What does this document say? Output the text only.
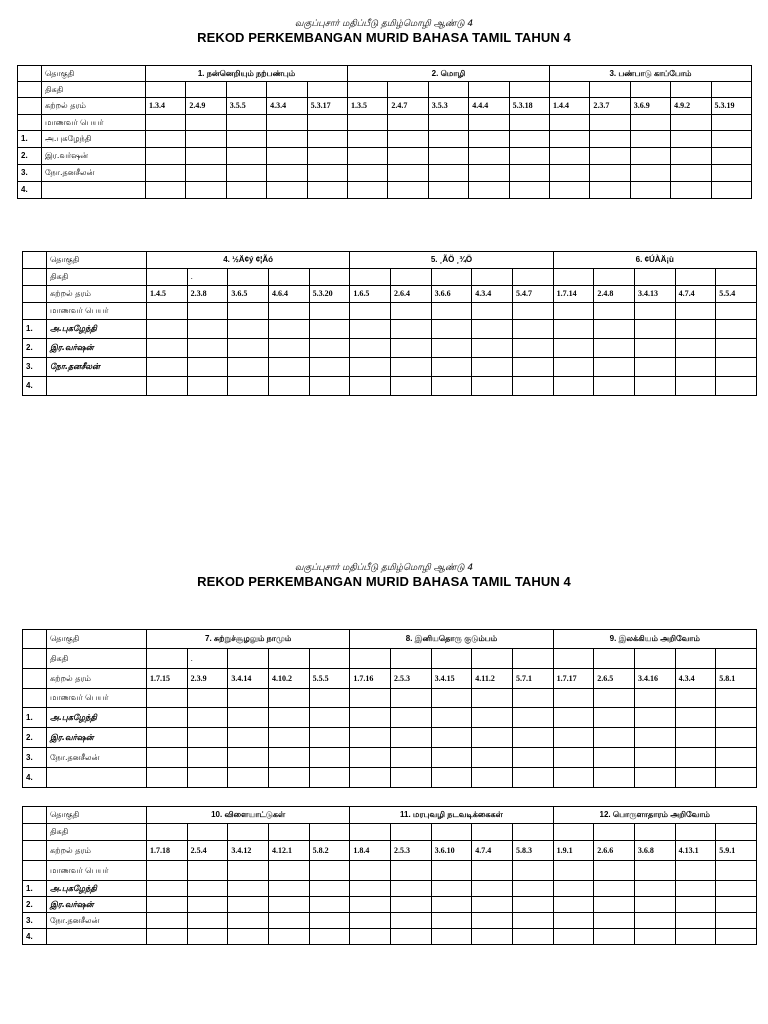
வகுப்புசார் மதிப்பீடு தமிழ்மொழி ஆண்டு 4
REKOD PERKEMBANGAN MURID BAHASA TAMIL TAHUN 4
வகுப்புசார் மதிப்பீடு தமிழ்மொழி ஆண்டு 4
REKOD PERKEMBANGAN MURID BAHASA TAMIL TAHUN 4
	தொகுதி	1. நன்னெறியும் நற்பண்பும்					2. மொழி					3. பண்பாடு காப்போம்				
	திகதி															
	கற்றல் தரம்	1.3.4	2.4.9	3.5.5	4.3.4	5.3.17	1.3.5	2.4.7	3.5.3	4.4.4	5.3.18	1.4.4	2.3.7	3.6.9	4.9.2	5.3.19
	மாணவர் பெயர்															
1.	அ.புகழேந்தி															
2.	இர.வர்ஷன்															
3.	நோ.தனசீலன்															
4.																
	தொகுதி	4. ½Ä¢ý ¢¦Ãó					5. ¸ÃÖ ¸¾Ö					6. ¢ÚÀÄ¡ù				
	திகதி		.													
	கற்றல் தரம்	1.4.5	2.3.8	3.6.5	4.6.4	5.3.20	1.6.5	2.6.4	3.6.6	4.3.4	5.4.7	1.7.14	2.4.8	3.4.13	4.7.4	5.5.4
	மாணவர் பெயர்															
1.	அ.புகழேந்தி															
2.	இர.வர்ஷன்															
3.	நோ.தனசீலன்															
4.																
	தொகுதி	7. சுற்றுச்சூழலும் நாமும்					8. இனியதொரு குடும்பம்					9. இலக்கியம் அறிவோம்				
	திகதி		.													
	கற்றல் தரம்	1.7.15	2.3.9	3.4.14	4.10.2	5.5.5	1.7.16	2.5.3	3.4.15	4.11.2	5.7.1	1.7.17	2.6.5	3.4.16	4.3.4	5.8.1
	மாணவர் பெயர்															
1.	அ.புகழேந்தி															
2.	இர.வர்ஷன்															
3.	நோ.தனசீலன்															
4.																
	தொகுதி	10. விளையாட்டுகள்					11. மரபுவழி நடவடிக்கைகள்					12. பொருளாதாரம் அறிவோம்				
	திகதி															
	கற்றல் தரம்	1.7.18	2.5.4	3.4.12	4.12.1	5.8.2	1.8.4	2.5.3	3.6.10	4.7.4	5.8.3	1.9.1	2.6.6	3.6.8	4.13.1	5.9.1
	மாணவர் பெயர்															
1.	அ.புகழேந்தி															
2.	இர.வர்ஷன்															
3.	நோ.தனசீலன்															
4.																
